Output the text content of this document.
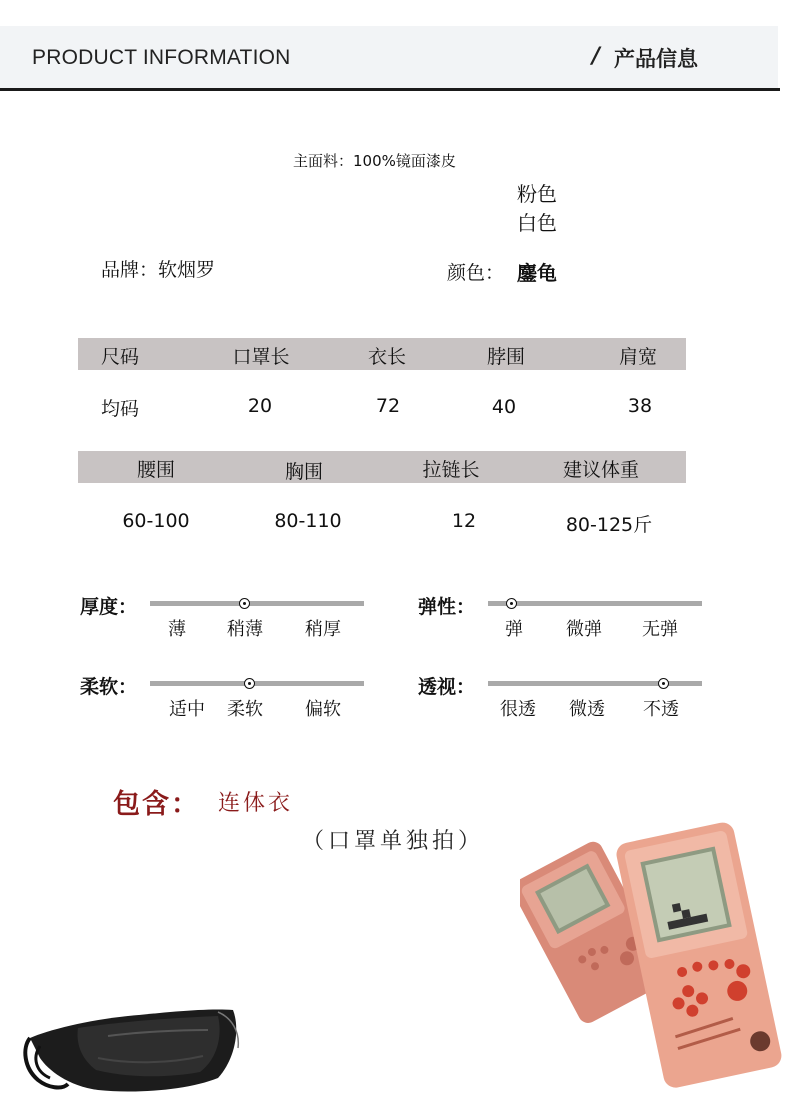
PRODUCT INFORMATION	/ 产品信息
主面料：100%镜面漆皮
粉色
白色
品牌：软烟罗	颜色： 鏖龟
尺码	口罩长	衣长	脖围	肩宽
均码	20	72	40	38
腰围	胸围	拉链长	建议体重
60-100	80-110	12	80-125斤
厚度：
薄 稍薄 稍厚
弹性：
弹 微弹 无弹
柔软：
适中 柔软 偏软
透视：
很透 微透 不透
包含： 连体衣
（口罩单独拍）
